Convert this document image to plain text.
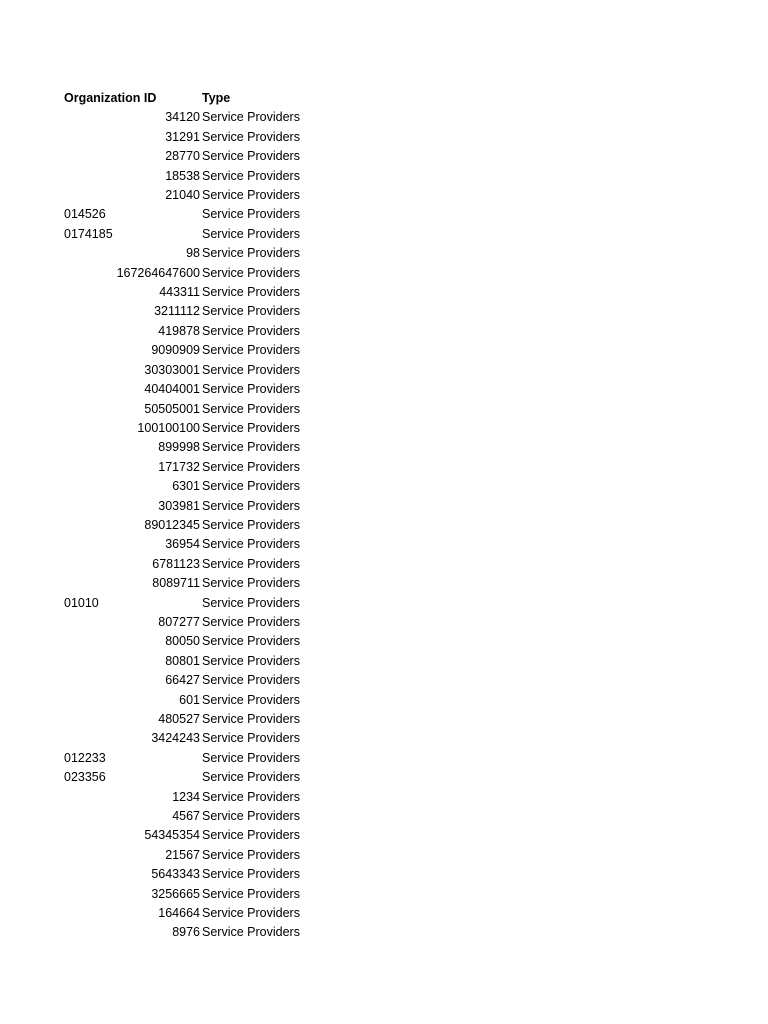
Organization ID	Type
34120	Service Providers
31291	Service Providers
28770	Service Providers
18538	Service Providers
21040	Service Providers
014526	Service Providers
0174185	Service Providers
98	Service Providers
167264647600	Service Providers
443311	Service Providers
3211112	Service Providers
419878	Service Providers
9090909	Service Providers
30303001	Service Providers
40404001	Service Providers
50505001	Service Providers
100100100	Service Providers
899998	Service Providers
171732	Service Providers
6301	Service Providers
303981	Service Providers
89012345	Service Providers
36954	Service Providers
6781123	Service Providers
8089711	Service Providers
01010	Service Providers
807277	Service Providers
80050	Service Providers
80801	Service Providers
66427	Service Providers
601	Service Providers
480527	Service Providers
3424243	Service Providers
012233	Service Providers
023356	Service Providers
1234	Service Providers
4567	Service Providers
54345354	Service Providers
21567	Service Providers
5643343	Service Providers
3256665	Service Providers
164664	Service Providers
8976	Service Providers
